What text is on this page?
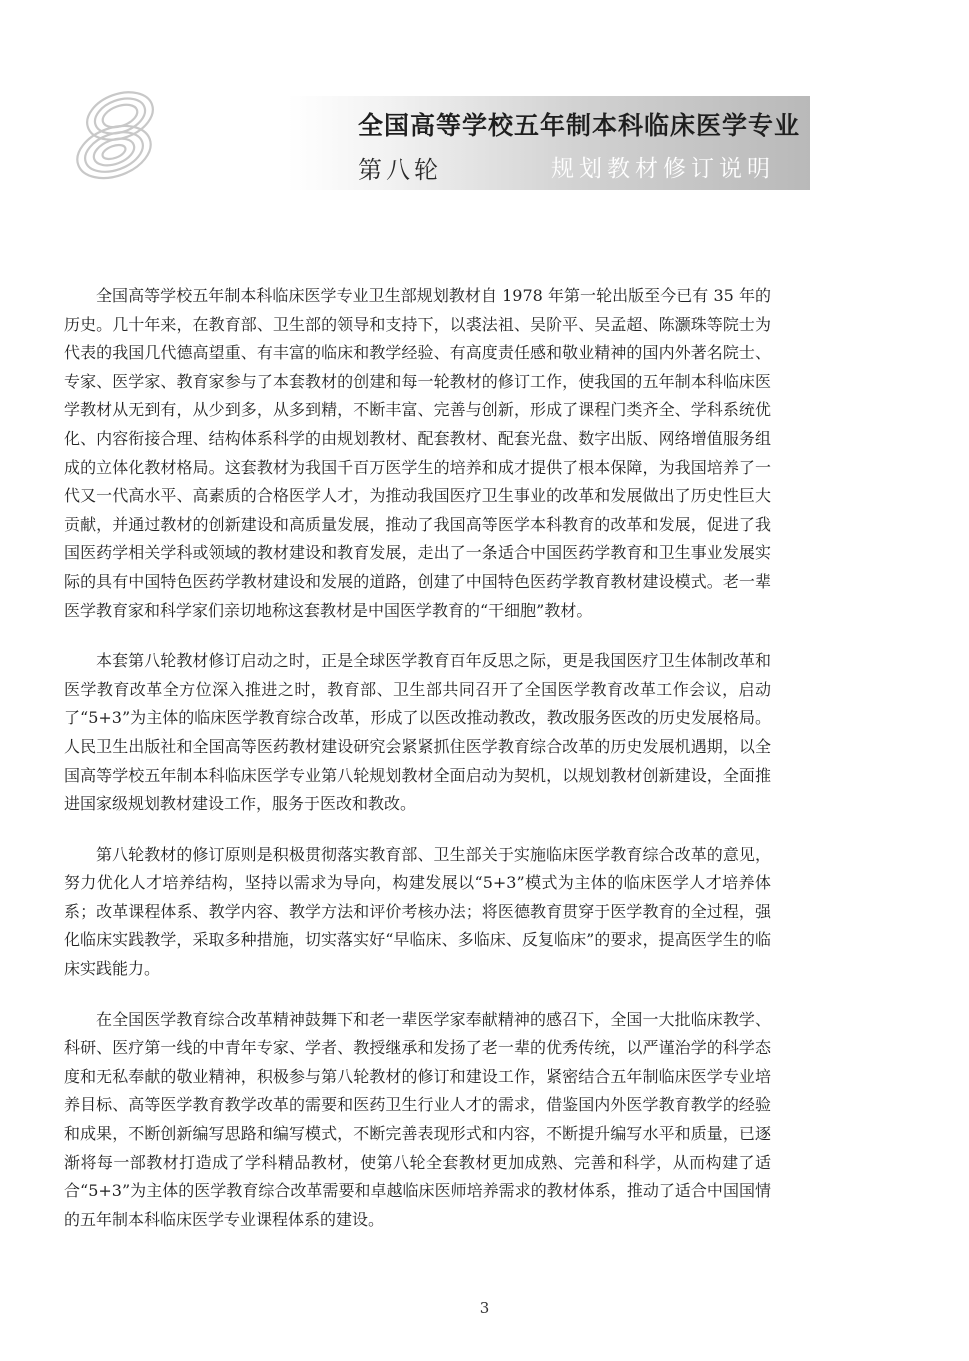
全国高等学校五年制本科临床医学专业
第八轮	规划教材修订说明

全国高等学校五年制本科临床医学专业卫生部规划教材自 1978 年第一轮出版至今已有 35 年的历史。几十年来，在教育部、卫生部的领导和支持下，以裘法祖、吴阶平、吴孟超、陈灏珠等院士为代表的我国几代德高望重、有丰富的临床和教学经验、有高度责任感和敬业精神的国内外著名院士、专家、医学家、教育家参与了本套教材的创建和每一轮教材的修订工作，使我国的五年制本科临床医学教材从无到有，从少到多，从多到精，不断丰富、完善与创新，形成了课程门类齐全、学科系统优化、内容衔接合理、结构体系科学的由规划教材、配套教材、配套光盘、数字出版、网络增值服务组成的立体化教材格局。这套教材为我国千百万医学生的培养和成才提供了根本保障，为我国培养了一代又一代高水平、高素质的合格医学人才，为推动我国医疗卫生事业的改革和发展做出了历史性巨大贡献，并通过教材的创新建设和高质量发展，推动了我国高等医学本科教育的改革和发展，促进了我国医药学相关学科或领域的教材建设和教育发展，走出了一条适合中国医药学教育和卫生事业发展实际的具有中国特色医药学教材建设和发展的道路，创建了中国特色医药学教育教材建设模式。老一辈医学教育家和科学家们亲切地称这套教材是中国医学教育的“干细胞”教材。

本套第八轮教材修订启动之时，正是全球医学教育百年反思之际，更是我国医疗卫生体制改革和医学教育改革全方位深入推进之时，教育部、卫生部共同召开了全国医学教育改革工作会议，启动了“5+3”为主体的临床医学教育综合改革，形成了以医改推动教改，教改服务医改的历史发展格局。人民卫生出版社和全国高等医药教材建设研究会紧紧抓住医学教育综合改革的历史发展机遇期，以全国高等学校五年制本科临床医学专业第八轮规划教材全面启动为契机，以规划教材创新建设，全面推进国家级规划教材建设工作，服务于医改和教改。

第八轮教材的修订原则是积极贯彻落实教育部、卫生部关于实施临床医学教育综合改革的意见，努力优化人才培养结构，坚持以需求为导向，构建发展以“5+3”模式为主体的临床医学人才培养体系；改革课程体系、教学内容、教学方法和评价考核办法；将医德教育贯穿于医学教育的全过程，强化临床实践教学，采取多种措施，切实落实好“早临床、多临床、反复临床”的要求，提高医学生的临床实践能力。

在全国医学教育综合改革精神鼓舞下和老一辈医学家奉献精神的感召下，全国一大批临床教学、科研、医疗第一线的中青年专家、学者、教授继承和发扬了老一辈的优秀传统，以严谨治学的科学态度和无私奉献的敬业精神，积极参与第八轮教材的修订和建设工作，紧密结合五年制临床医学专业培养目标、高等医学教育教学改革的需要和医药卫生行业人才的需求，借鉴国内外医学教育教学的经验和成果，不断创新编写思路和编写模式，不断完善表现形式和内容，不断提升编写水平和质量，已逐渐将每一部教材打造成了学科精品教材，使第八轮全套教材更加成熟、完善和科学，从而构建了适合“5+3”为主体的医学教育综合改革需要和卓越临床医师培养需求的教材体系，推动了适合中国国情的五年制本科临床医学专业课程体系的建设。

3
